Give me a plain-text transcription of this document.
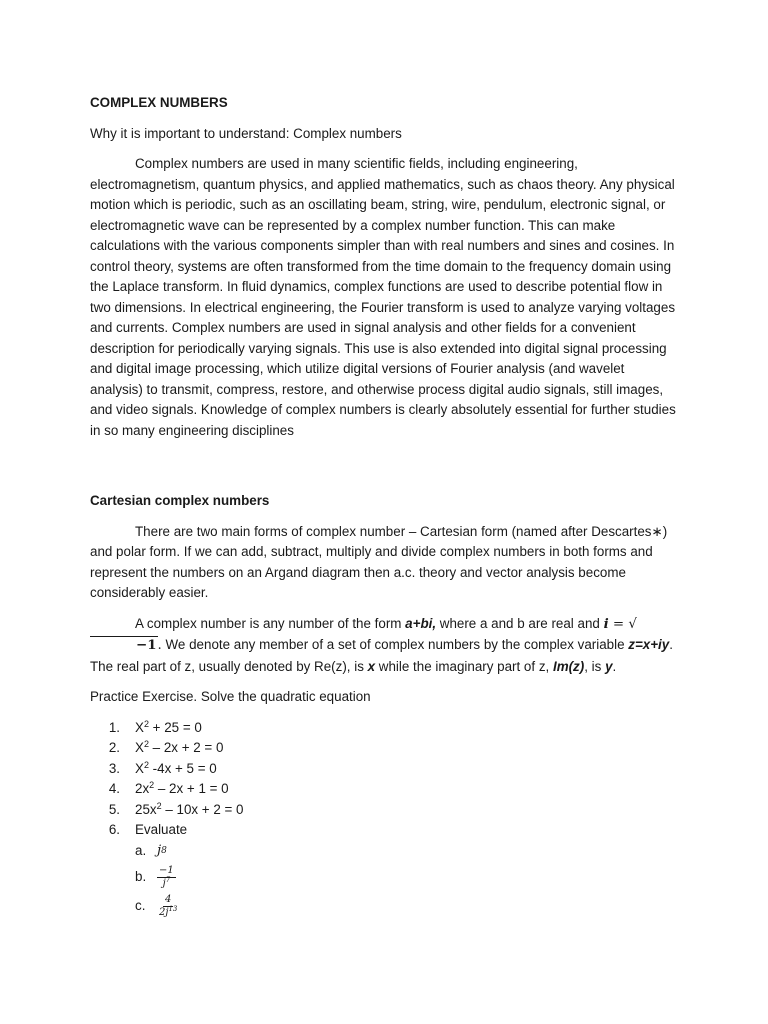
COMPLEX NUMBERS

Why it is important to understand: Complex numbers

Complex numbers are used in many scientific fields, including engineering, electromagnetism, quantum physics, and applied mathematics, such as chaos theory. Any physical motion which is periodic, such as an oscillating beam, string, wire, pendulum, electronic signal, or electromagnetic wave can be represented by a complex number function. This can make calculations with the various components simpler than with real numbers and sines and cosines. In control theory, systems are often transformed from the time domain to the frequency domain using the Laplace transform. In fluid dynamics, complex functions are used to describe potential flow in two dimensions. In electrical engineering, the Fourier transform is used to analyze varying voltages and currents. Complex numbers are used in signal analysis and other fields for a convenient description for periodically varying signals. This use is also extended into digital signal processing and digital image processing, which utilize digital versions of Fourier analysis (and wavelet analysis) to transmit, compress, restore, and otherwise process digital audio signals, still images, and video signals. Knowledge of complex numbers is clearly absolutely essential for further studies in so many engineering disciplines

Cartesian complex numbers

There are two main forms of complex number – Cartesian form (named after Descartes∗) and polar form. If we can add, subtract, multiply and divide complex numbers in both forms and represent the numbers on an Argand diagram then a.c. theory and vector analysis become considerably easier.

A complex number is any number of the form a+bi, where a and b are real and i = √−1. We denote any member of a set of complex numbers by the complex variable z=x+iy. The real part of z, usually denoted by Re(z), is x while the imaginary part of z, Im(z), is y.

Practice Exercise. Solve the quadratic equation

1. $X^2 + 25 = 0$
2. $X^2 - 2x + 2 = 0$
3. $X^2$ -4x + 5 = 0
4. $2x^2 - 2x + 1 = 0$
5. $25x^2 - 10x + 2 = 0$
6. Evaluate
a. j 8
b. $\frac{-1}{j^7}$
c. $\frac{4}{2j^{13}}$
